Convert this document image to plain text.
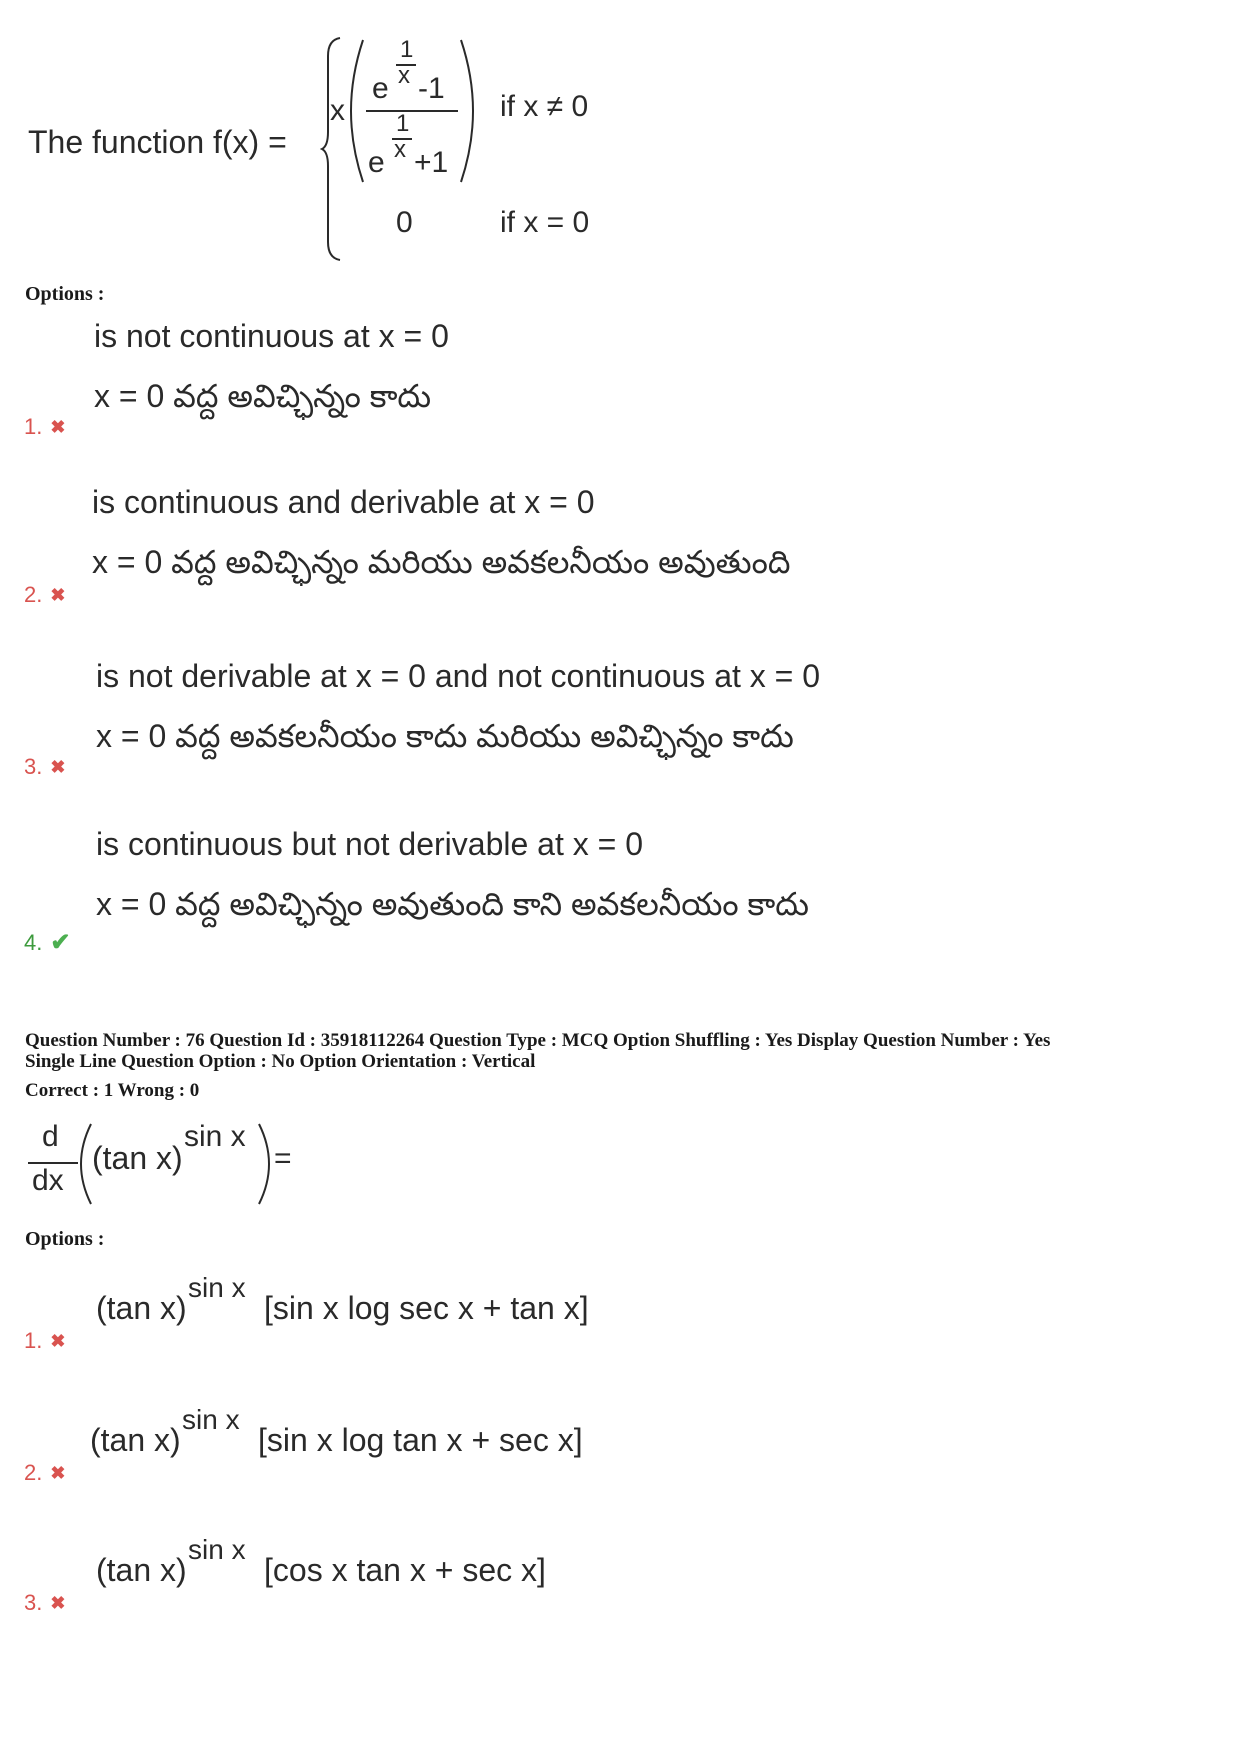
The function f(x) =
x
1
x
e -1
1
x
e +1
if x ≠ 0
0	if x = 0
Options :
is not continuous at x = 0
x = 0 వద్ద అవిచ్ఛిన్నం కాదు
1. ✖
is continuous and derivable at x = 0
x = 0 వద్ద అవిచ్ఛిన్నం మరియు అవకలనీయం అవుతుంది
2. ✖
is not derivable at x = 0 and not continuous at x = 0
x = 0 వద్ద అవకలనీయం కాదు మరియు అవిచ్ఛిన్నం కాదు
3. ✖
is continuous but not derivable at x = 0
x = 0 వద్ద అవిచ్ఛిన్నం అవుతుంది కాని అవకలనీయం కాదు
4. ✔
Question Number : 76 Question Id : 35918112264 Question Type : MCQ Option Shuffling : Yes Display Question Number : Yes
Single Line Question Option : No Option Orientation : Vertical
Correct : 1 Wrong : 0
d
dx
(tan x)
sin x
=
Options :
(tan x)
sin x
[sin x log sec x + tan x]
1. ✖
(tan x)
sin x
[sin x log tan x + sec x]
2. ✖
(tan x)
sin x
[cos x tan x + sec x]
3. ✖
